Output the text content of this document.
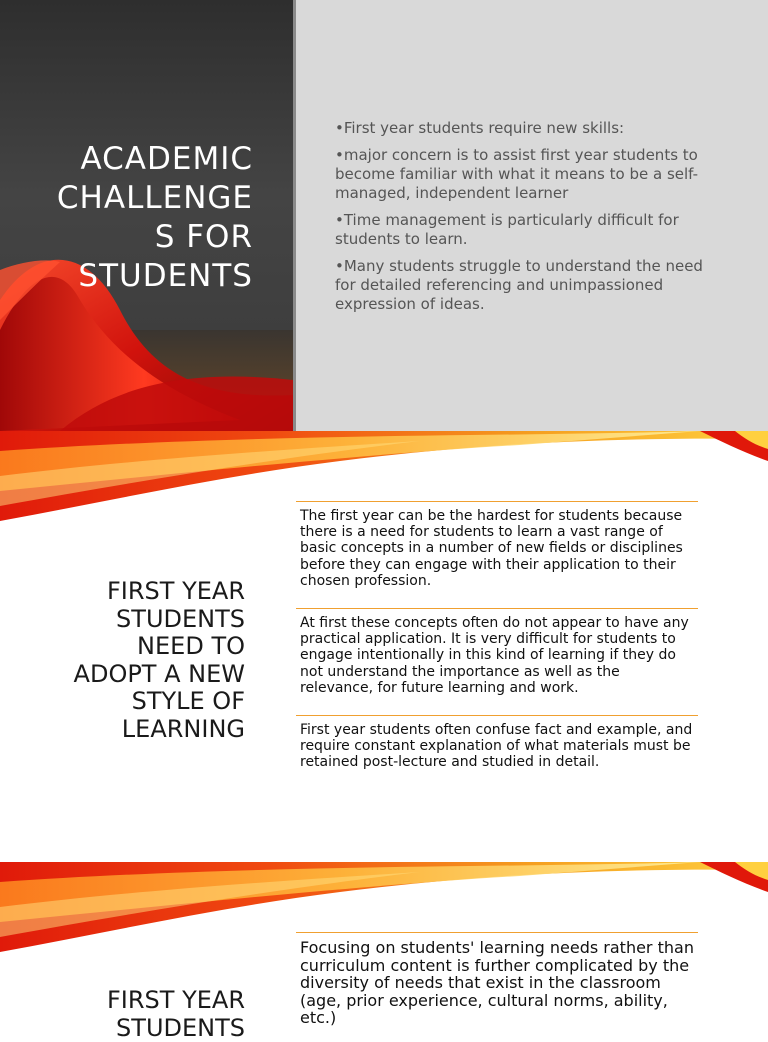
ACADEMIC
CHALLENGE
S FOR
STUDENTS

•First year students require new skills:

•major concern is to assist first year students to become familiar with what it means to be a self-managed, independent learner

•Time management is particularly difficult for students to learn.

•Many students struggle to understand the need for detailed referencing and unimpassioned expression of ideas.

FIRST YEAR
STUDENTS
NEED TO
ADOPT A NEW
STYLE OF
LEARNING
The first year can be the hardest for students because there is a need for students to learn a vast range of basic concepts in a number of new fields or disciplines before they can engage with their application to their chosen profession.
At first these concepts often do not appear to have any practical application. It is very difficult for students to engage intentionally in this kind of learning if they do not understand the importance as well as the relevance, for future learning and work.
First year students often confuse fact and example, and require constant explanation of what materials must be retained post-lecture and studied in detail.
FIRST YEAR
STUDENTS
Focusing on students' learning needs rather than curriculum content is further complicated by the diversity of needs that exist in the classroom (age, prior experience, cultural norms, ability, etc.)
